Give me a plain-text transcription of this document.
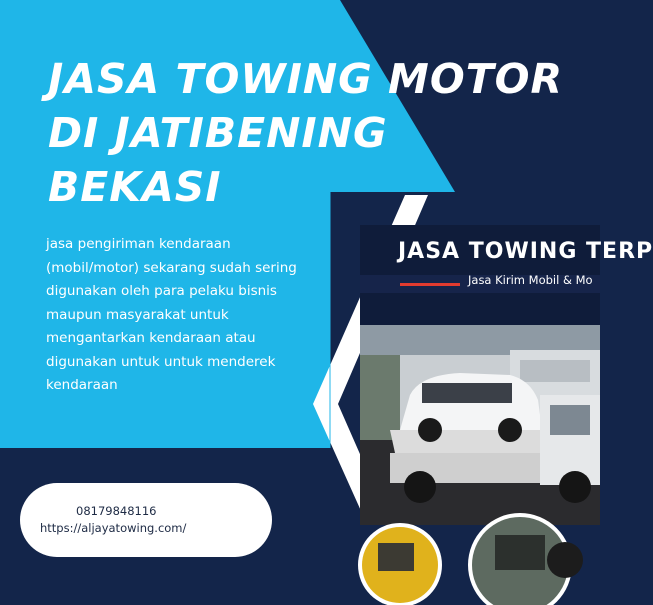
JASA TOWING MOTOR
DI JATIBENING
BEKASI

jasa pengiriman kendaraan
(mobil/motor) sekarang sudah sering
digunakan oleh para pelaku bisnis
maupun masyarakat untuk
mengantarkan kendaraan atau
digunakan untuk untuk menderek
kendaraan

08179848116
https://aljayatowing.com/
JASA TOWING TERP
Jasa Kirim Mobil & Mo
